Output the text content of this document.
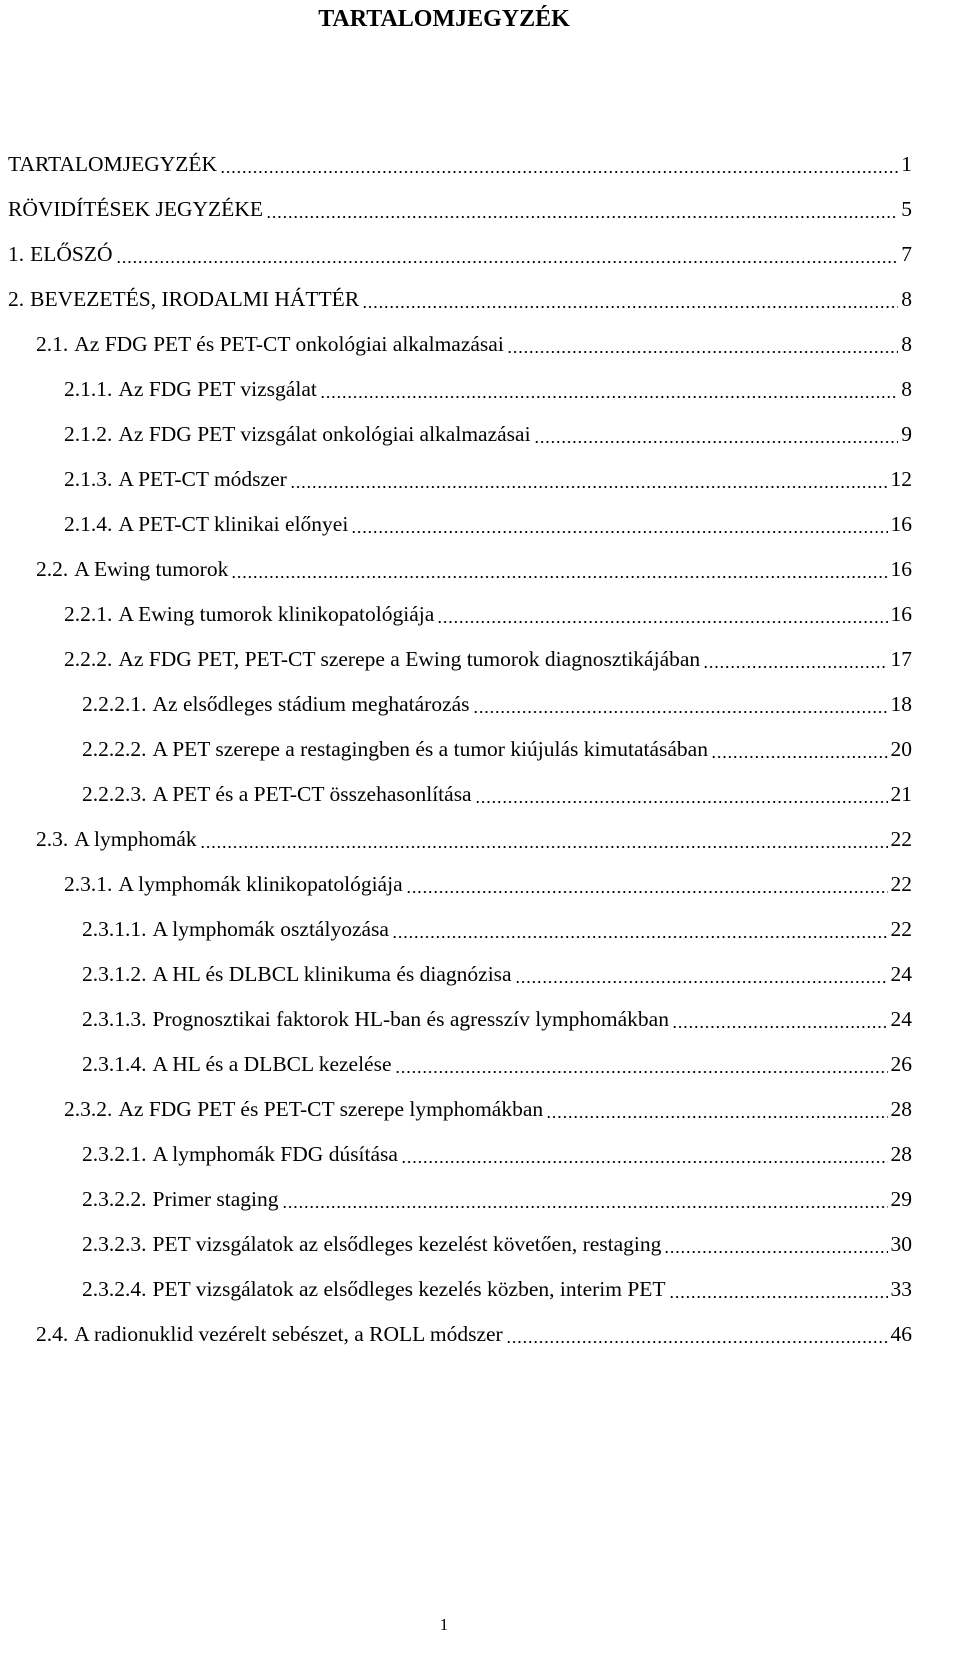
TARTALOMJEGYZÉK
TARTALOMJEGYZÉK	1
RÖVIDÍTÉSEK JEGYZÉKE	5
1. ELŐSZÓ	7
2. BEVEZETÉS, IRODALMI HÁTTÉR	8
2.1. Az FDG PET és PET-CT onkológiai alkalmazásai	8
2.1.1. Az FDG PET vizsgálat	8
2.1.2. Az FDG PET vizsgálat onkológiai alkalmazásai	9
2.1.3. A PET-CT módszer	12
2.1.4. A PET-CT klinikai előnyei	16
2.2. A Ewing tumorok	16
2.2.1. A Ewing tumorok klinikopatológiája	16
2.2.2. Az FDG PET, PET-CT szerepe a Ewing tumorok diagnosztikájában	17
2.2.2.1. Az elsődleges stádium meghatározás	18
2.2.2.2. A PET szerepe a restagingben és a tumor kiújulás kimutatásában	20
2.2.2.3. A PET és a PET-CT összehasonlítása	21
2.3. A lymphomák	22
2.3.1. A lymphomák klinikopatológiája	22
2.3.1.1. A lymphomák osztályozása	22
2.3.1.2. A HL és DLBCL klinikuma és diagnózisa	24
2.3.1.3. Prognosztikai faktorok HL-ban és agresszív lymphomákban	24
2.3.1.4. A HL és a DLBCL kezelése	26
2.3.2. Az FDG PET és PET-CT szerepe lymphomákban	28
2.3.2.1. A lymphomák FDG dúsítása	28
2.3.2.2. Primer staging	29
2.3.2.3. PET vizsgálatok az elsődleges kezelést követően, restaging	30
2.3.2.4. PET vizsgálatok az elsődleges kezelés közben, interim PET	33
2.4. A radionuklid vezérelt sebészet, a ROLL módszer	46
1
